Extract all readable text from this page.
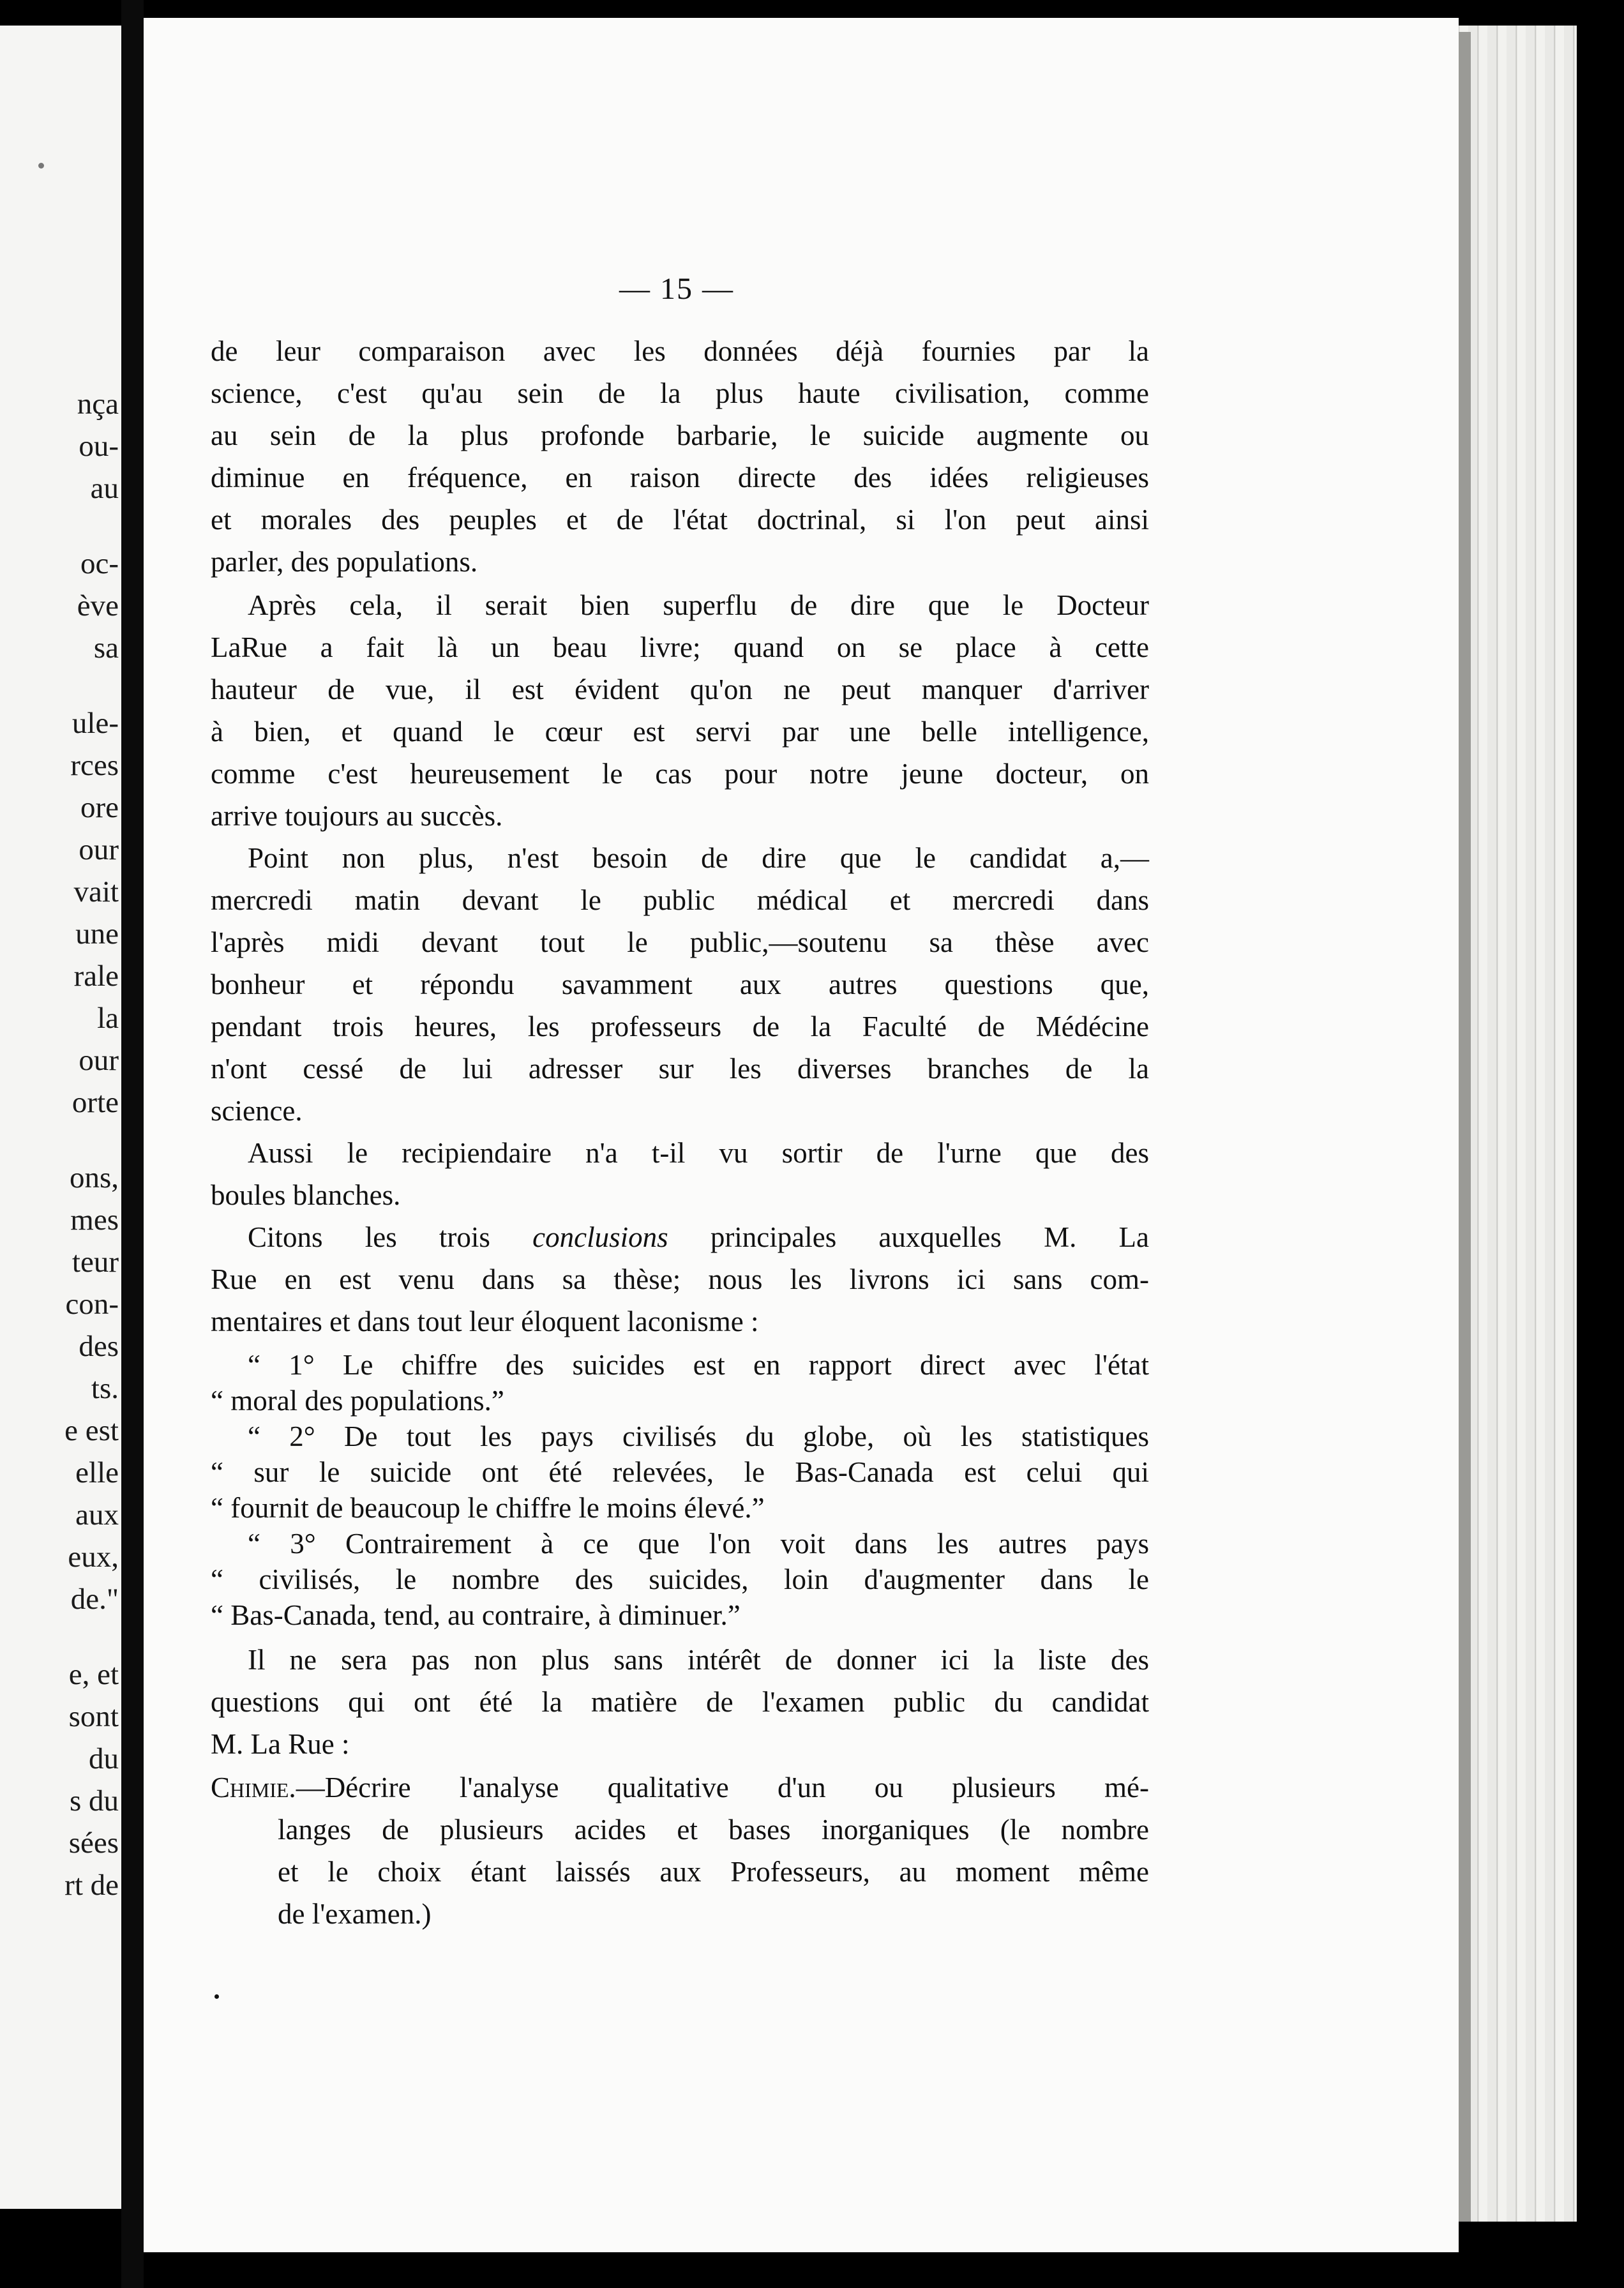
nça
ou-
au
oc-
ève
sa
ule-
rces
ore
our
vait
une
rale
la
our
orte
ons,
mes
teur
con-
des
ts.
e est
elle
aux
eux,
de."
e, et
sont
du
s du
sées
rt de
— 15 —
de leur comparaison avec les données déjà fournies par la
science, c'est qu'au sein de la plus haute civilisation, comme
au sein de la plus profonde barbarie, le suicide augmente ou
diminue en fréquence, en raison directe des idées religieuses
et morales des peuples et de l'état doctrinal, si l'on peut ainsi
parler, des populations.
Après cela, il serait bien superflu de dire que le Docteur
LaRue a fait là un beau livre; quand on se place à cette
hauteur de vue, il est évident qu'on ne peut manquer d'arriver
à bien, et quand le cœur est servi par une belle intelligence,
comme c'est heureusement le cas pour notre jeune docteur, on
arrive toujours au succès.
Point non plus, n'est besoin de dire que le candidat a,—
mercredi matin devant le public médical et mercredi dans
l'après midi devant tout le public,—soutenu sa thèse avec
bonheur et répondu savamment aux autres questions que,
pendant trois heures, les professeurs de la Faculté de Médécine
n'ont cessé de lui adresser sur les diverses branches de la
science.
Aussi le recipiendaire n'a t-il vu sortir de l'urne que des
boules blanches.
Citons les trois conclusions principales auxquelles M. La
Rue en est venu dans sa thèse; nous les livrons ici sans com-
mentaires et dans tout leur éloquent laconisme :
“ 1° Le chiffre des suicides est en rapport direct avec l'état
“ moral des populations.”
“ 2° De tout les pays civilisés du globe, où les statistiques
“ sur le suicide ont été relevées, le Bas-Canada est celui qui
“ fournit de beaucoup le chiffre le moins élevé.”
“ 3° Contrairement à ce que l'on voit dans les autres pays
“ civilisés, le nombre des suicides, loin d'augmenter dans le
“ Bas-Canada, tend, au contraire, à diminuer.”
Il ne sera pas non plus sans intérêt de donner ici la liste des
questions qui ont été la matière de l'examen public du candidat
M. La Rue :
Chimie.—Décrire l'analyse qualitative d'un ou plusieurs mé-
langes de plusieurs acides et bases inorganiques (le nombre
et le choix étant laissés aux Professeurs, au moment même
de l'examen.)
